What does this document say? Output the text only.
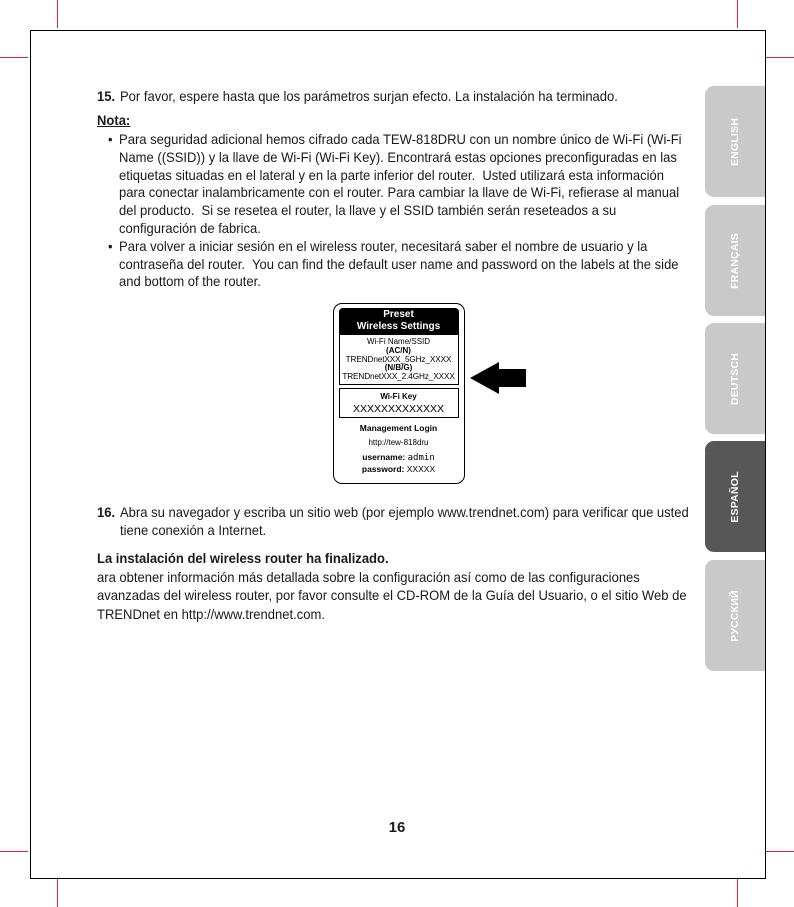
ENGLISH
FRANÇAIS
DEUTSCH
ESPAÑOL
РУССКИЙ
15. Por favor, espere hasta que los parámetros surjan efecto. La instalación ha terminado.
Nota:
• Para seguridad adicional hemos cifrado cada TEW-818DRU con un nombre único de Wi-Fi (Wi-Fi
Name ((SSID)) y la llave de Wi-Fi (Wi-Fi Key). Encontrará estas opciones preconfiguradas en las
etiquetas situadas en el lateral y en la parte inferior del router.  Usted utilizará esta información
para conectar inalambricamente con el router. Para cambiar la llave de Wi-Fi, refierase al manual
del producto.  Si se resetea el router, la llave y el SSID también serán reseteados a su
configuración de fabrica.
• Para volver a iniciar sesión en el wireless router, necesitará saber el nombre de usuario y la
contraseña del router.  You can find the default user name and password on the labels at the side
and bottom of the router.
Preset
Wireless Settings
Wi-Fi Name/SSID
(AC/N)
TRENDnetXXX_5GHz_XXXX
(N/B/G)
TRENDnetXXX_2.4GHz_XXXX
Wi-Fi Key
XXXXXXXXXXXXX
Management Login
http://tew-818dru
username: admin
password: XXXXX
16. Abra su navegador y escriba un sitio web (por ejemplo www.trendnet.com) para verificar que usted
tiene conexión a Internet.
La instalación del wireless router ha finalizado.
ara obtener información más detallada sobre la configuración así como de las configuraciones
avanzadas del wireless router, por favor consulte el CD-ROM de la Guía del Usuario, o el sitio Web de
TRENDnet en http://www.trendnet.com.
16
